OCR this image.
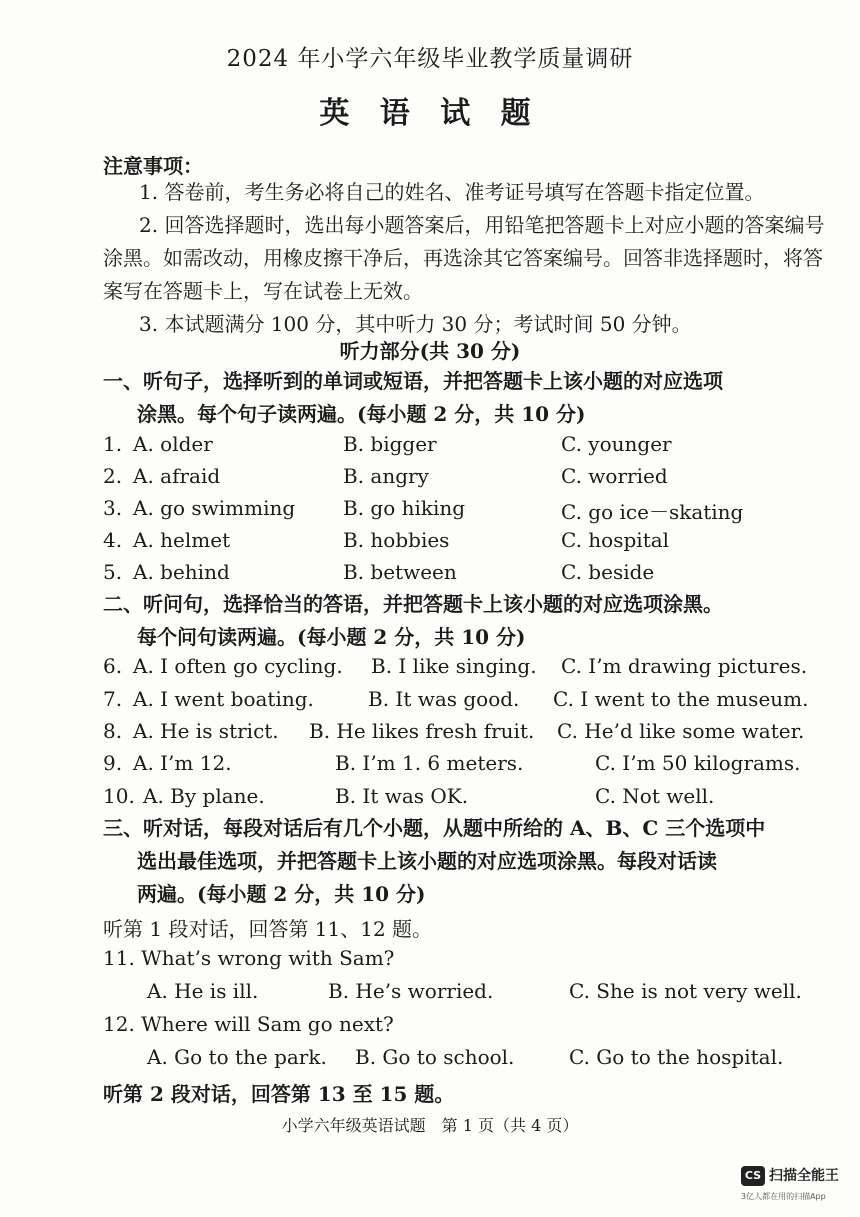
2024 年小学六年级毕业教学质量调研
英 语 试 题
注意事项：

1. 答卷前，考生务必将自己的姓名、准考证号填写在答题卡指定位置。

2. 回答选择题时，选出每小题答案后，用铅笔把答题卡上对应小题的答案编号涂黑。如需改动，用橡皮擦干净后，再选涂其它答案编号。回答非选择题时，将答案写在答题卡上，写在试卷上无效。

3. 本试题满分 100 分，其中听力 30 分；考试时间 50 分钟。

听力部分(共 30 分)
一、听句子，选择听到的单词或短语，并把答题卡上该小题的对应选项
涂黑。每个句子读两遍。(每小题 2 分，共 10 分)
1. A. older	B. bigger	C. younger
2. A. afraid	B. angry	C. worried
3. A. go swimming B. go hiking	C. go ice－skating
4. A. helmet	B. hobbies	C. hospital
5. A. behind	B. between	C. beside
二、听问句，选择恰当的答语，并把答题卡上该小题的对应选项涂黑。
每个问句读两遍。(每小题 2 分，共 10 分)
6. A. I often go cycling. B. I like singing. C. I’m drawing pictures.
7. A. I went boating.	B. It was good. C. I went to the museum.
8. A. He is strict. B. He likes fresh fruit. C. He’d like some water.
9. A. I’m 12.	B. I’m 1. 6 meters.	C. I’m 50 kilograms.
10. A. By plane.	B. It was OK.	C. Not well.
三、听对话，每段对话后有几个小题，从题中所给的 A、B、C 三个选项中
选出最佳选项，并把答题卡上该小题的对应选项涂黑。每段对话读
两遍。(每小题 2 分，共 10 分)
听第 1 段对话，回答第 11、12 题。
11. What’s wrong with Sam?
A. He is ill.	B. He’s worried.	C. She is not very well.
12. Where will Sam go next?
A. Go to the park. B. Go to school.	C. Go to the hospital.
听第 2 段对话，回答第 13 至 15 题。
小学六年级英语试题　第 1 页（共 4 页）
CS 扫描全能王
3亿人都在用的扫描App
